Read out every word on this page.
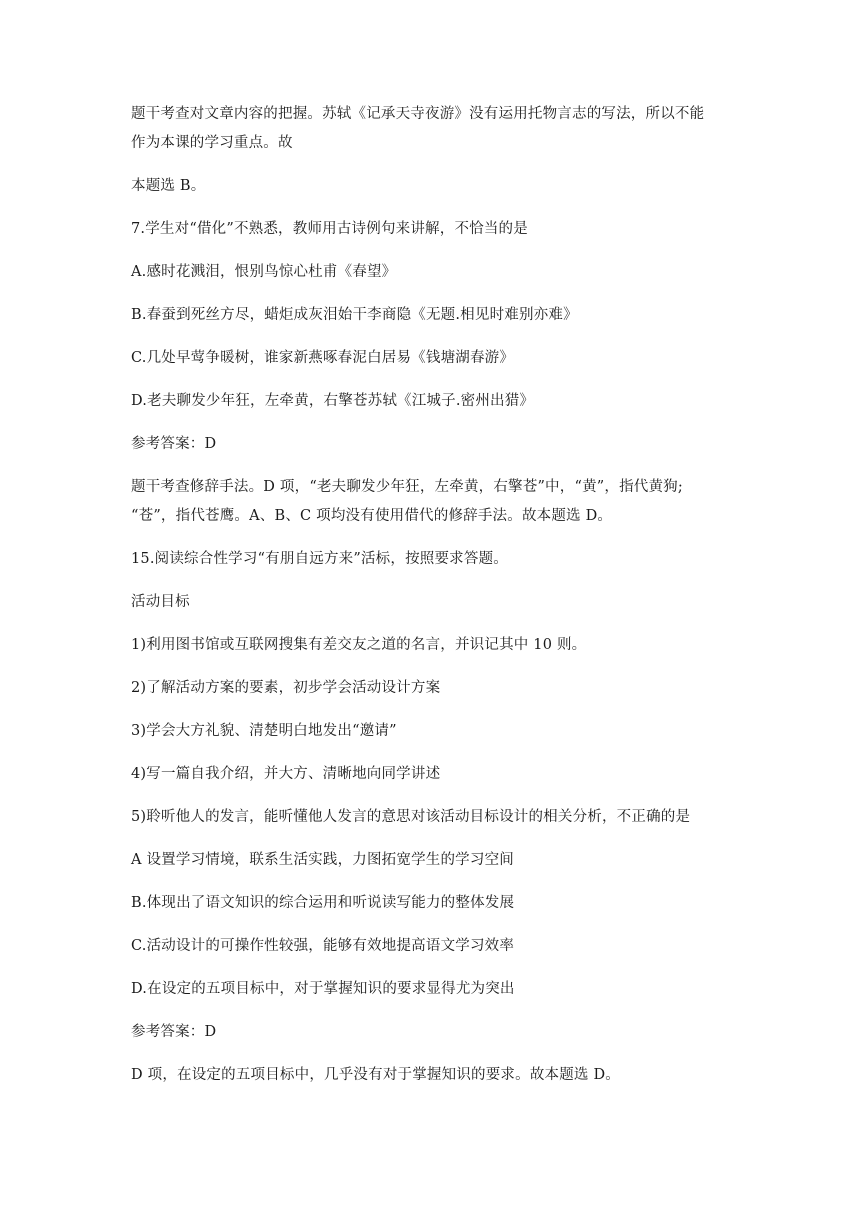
题干考查对文章内容的把握。苏轼《记承天寺夜游》没有运用托物言志的写法，所以不能
作为本课的学习重点。故

本题选 B。

7.学生对“借化”不熟悉，教师用古诗例句来讲解，不恰当的是

A.感时花溅泪，恨别鸟惊心杜甫《春望》

B.春蚕到死丝方尽，蜡炬成灰泪始干李商隐《无题.相见时难别亦难》

C.几处早莺争暖树，谁家新燕啄春泥白居易《钱塘湖春游》

D.老夫聊发少年狂，左牵黄，右擎苍苏轼《江城子.密州出猎》

参考答案：D

题干考查修辞手法。D 项，“老夫聊发少年狂，左牵黄，右擎苍”中，“黄”，指代黄狗;
“苍”，指代苍鹰。A、B、C 项均没有使用借代的修辞手法。故本题选 D。

15.阅读综合性学习“有朋自远方来”活标，按照要求答题。

活动目标

1)利用图书馆或互联网搜集有差交友之道的名言，并识记其中 10 则。

2)了解活动方案的要素，初步学会活动设计方案

3)学会大方礼貌、清楚明白地发出“邀请”

4)写一篇自我介绍，并大方、清晰地向同学讲述

5)聆听他人的发言，能听懂他人发言的意思对该活动目标设计的相关分析，不正确的是

A 设置学习情境，联系生活实践，力图拓宽学生的学习空间

B.体现出了语文知识的综合运用和听说读写能力的整体发展

C.活动设计的可操作性较强，能够有效地提高语文学习效率

D.在设定的五项目标中，对于掌握知识的要求显得尤为突出

参考答案：D

D 项，在设定的五项目标中，几乎没有对于掌握知识的要求。故本题选 D。
